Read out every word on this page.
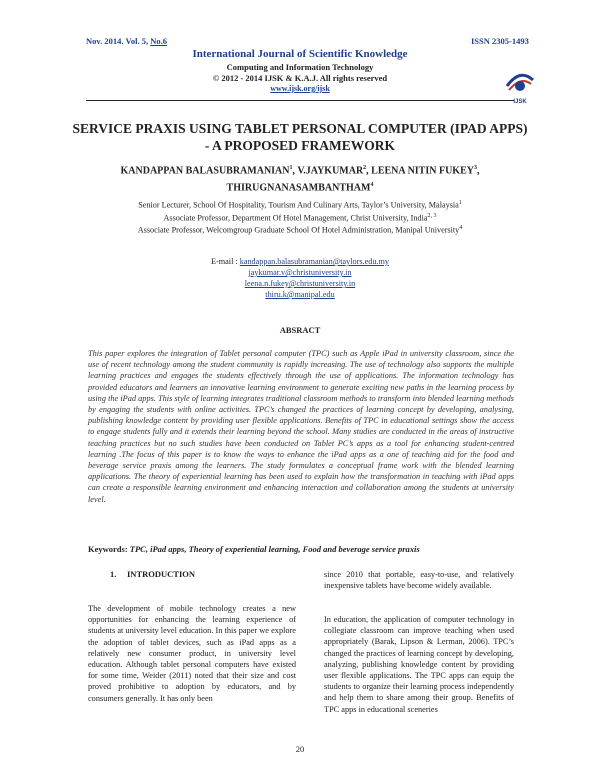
Nov. 2014. Vol. 5, No.6	ISSN 2305-1493
International Journal of Scientific Knowledge
Computing and Information Technology
© 2012 - 2014 IJSK & K.A.J. All rights reserved
www.ijsk.org/ijsk
IJSK
SERVICE PRAXIS USING TABLET PERSONAL COMPUTER (IPAD APPS) - A PROPOSED FRAMEWORK
KANDAPPAN BALASUBRAMANIAN$^1$, V.JAYKUMAR$^2$, LEENA NITIN FUKEY$^3$,
THIRUGNANASAMBANTHAM$^4$
Senior Lecturer, School Of Hospitality, Tourism And Culinary Arts, Taylor’s University, Malaysia$^1$
Associate Professor, Department Of Hotel Management, Christ University, India$^{2, 3}$
Associate Professor, Welcomgroup Graduate School Of Hotel Administration, Manipal University$^4$
E-mail : kandappan.balasubramanian@taylors.edu.my
jaykumar.v@christuniversity.in
leena.n.fukey@christuniversity.in
thiru.k@manipal.edu
ABSRACT
This paper explores the integration of Tablet personal computer (TPC) such as Apple iPad in university classroom, since the use of recent technology among the student community is rapidly increasing. The use of technology also supports the multiple learning practices and engages the students effectively through the use of applications. The information technology has provided educators and learners an innovative learning environment to generate exciting new paths in the learning process by using the iPad apps. This style of learning integrates traditional classroom methods to transform into blended learning methods by engaging the students with online activities. TPC’s changed the practices of learning concept by developing, analysing, publishing knowledge content by providing user flexible applications. Benefits of TPC in educational settings show the access to engage students fully and it extends their learning beyond the school. Many studies are conducted in the areas of instructive teaching practices but no such studies have been conducted on Tablet PC’s apps as a tool for enhancing student-centred learning .The focus of this paper is to know the ways to enhance the iPad apps as a one of teaching aid for the food and beverage service praxis among the learners. The study formulates a conceptual frame work with the blended learning applications. The theory of experiential learning has been used to explain how the transformation in teaching with iPad apps can create a responsible learning environment and enhancing interaction and collaboration among the students at university level.
Keywords: TPC, iPad apps, Theory of experiential learning, Food and beverage service praxis
1.     INTRODUCTION
The development of mobile technology creates a new opportunities for enhancing the learning experience of students at university level education. In this paper we explore the adoption of tablet devices, such as iPad apps as a relatively new consumer product, in university level education. Although tablet personal computers have existed for some time, Weider (2011) noted that their size and cost proved prohibitive to adoption by educators, and by consumers generally. It has only been
since 2010 that portable, easy-to-use, and relatively inexpensive tablets have become widely available.
In education, the application of computer technology in collegiate classroom can improve teaching when used appropriately (Barak, Lipson & Lerman, 2006). TPC’s changed the practices of learning concept by developing, analyzing, publishing knowledge content by providing user flexible applications. The TPC apps can equip the students to organize their learning process independently and help them to share among their group. Benefits of TPC apps in educational sceneries
20
